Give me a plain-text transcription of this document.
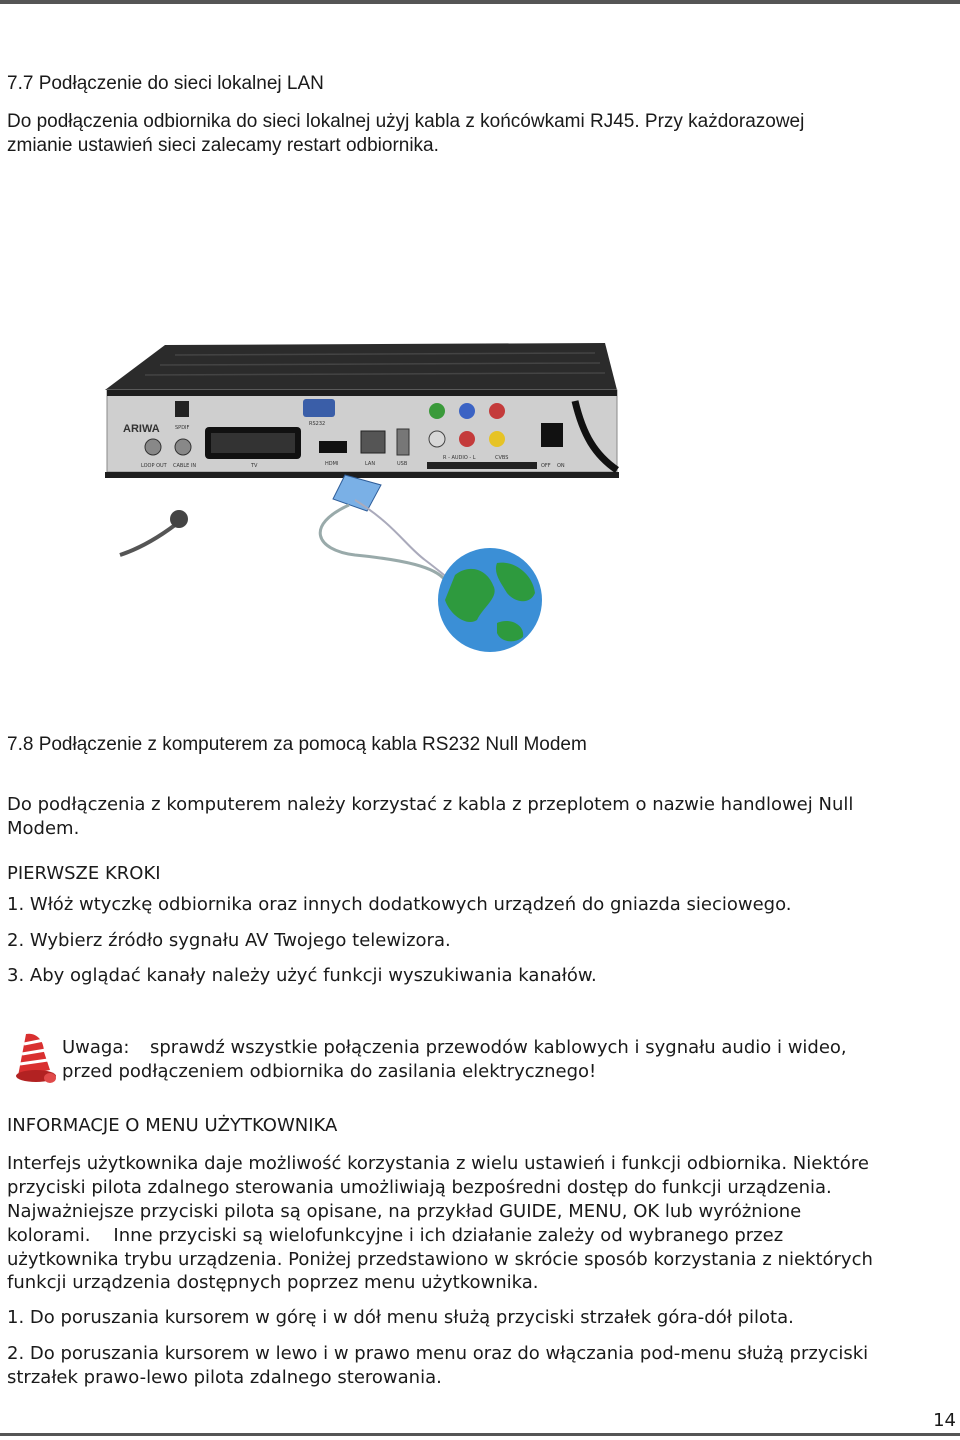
7.7 Podłączenie do sieci lokalnej LAN
Do podłączenia odbiornika do sieci lokalnej użyj kabla z końcówkami RJ45. Przy każdorazowej
zmianie ustawień sieci zalecamy restart odbiornika.
ARIWA	SPDIF
RS232
LOOP OUT CABLE IN	TV	HDMI	LAN	USB
R - AUDIO - L	CVBS
OFF ON
7.8 Podłączenie z komputerem za pomocą kabla RS232 Null Modem
Do podłączenia z komputerem należy korzystać z kabla z przeplotem o nazwie handlowej Null
Modem.
PIERWSZE KROKI
1. Włóż wtyczkę odbiornika oraz innych dodatkowych urządzeń do gniazda sieciowego.
2. Wybierz źródło sygnału AV Twojego telewizora.
3. Aby oglądać kanały należy użyć funkcji wyszukiwania kanałów.
Uwaga: sprawdź wszystkie połączenia przewodów kablowych i sygnału audio i wideo,
przed podłączeniem odbiornika do zasilania elektrycznego!
INFORMACJE O MENU UŻYTKOWNIKA
Interfejs użytkownika daje możliwość korzystania z wielu ustawień i funkcji odbiornika. Niektóre
przyciski pilota zdalnego sterowania umożliwiają bezpośredni dostęp do funkcji urządzenia.
Najważniejsze przyciski pilota są opisane, na przykład GUIDE, MENU, OK lub wyróżnione
kolorami.    Inne przyciski są wielofunkcyjne i ich działanie zależy od wybranego przez
użytkownika trybu urządzenia. Poniżej przedstawiono w skrócie sposób korzystania z niektórych
funkcji urządzenia dostępnych poprzez menu użytkownika.
1. Do poruszania kursorem w górę i w dół menu służą przyciski strzałek góra-dół pilota.
2. Do poruszania kursorem w lewo i w prawo menu oraz do włączania pod-menu służą przyciski
strzałek prawo-lewo pilota zdalnego sterowania.
14
